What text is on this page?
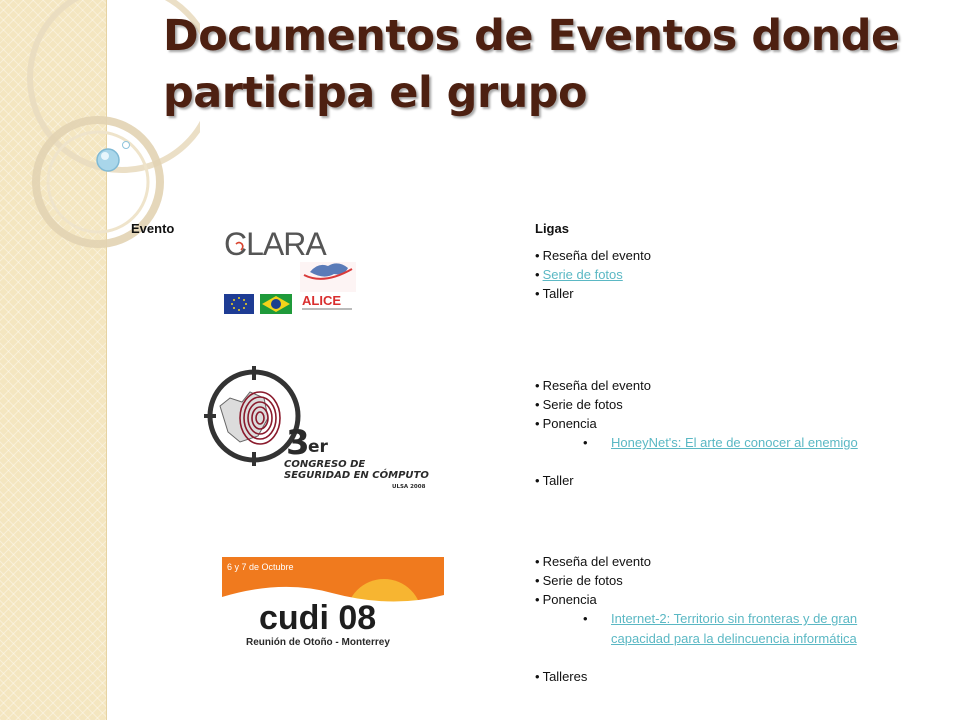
Documentos de Eventos donde participa el grupo
Evento	Ligas
CLARA
ALICE
3
er
CONGRESO DE
SEGURIDAD EN CÓMPUTO
ULSA 2008
6 y 7 de Octubre
cudi 08
Reunión de Otoño - Monterrey
• Reseña del evento
• Serie de fotos
• Taller
• Reseña del evento
• Serie de fotos
• Ponencia
• HoneyNet's: El arte de conocer al enemigo
• Taller
• Reseña del evento
• Serie de fotos
• Ponencia
• Internet-2: Territorio sin fronteras y de gran capacidad para la delincuencia informática
• Talleres
